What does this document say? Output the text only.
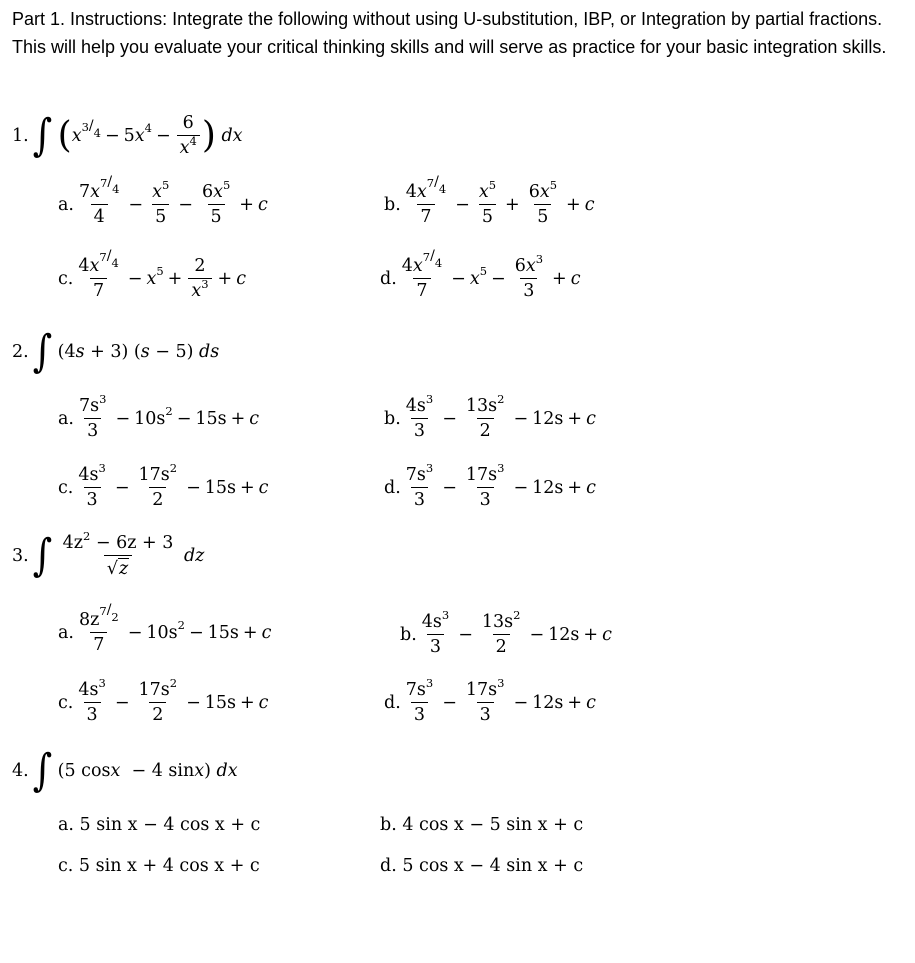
Part 1. Instructions: Integrate the following without using U-substitution, IBP, or Integration by partial fractions. This will help you evaluate your critical thinking skills and will serve as practice for your basic integration skills.
1. ∫ ( x 3 / 4 − 5 $x^4 - \frac{6}{x^4}$ )
dx
a. $\frac{7x 7 / 4}{4} - \frac{x^5}{5} - \frac{6x^5}{5} + c$	b. $\frac{4x 7 / 4}{7} - \frac{x^5}{5} + \frac{6x^5}{5} + c$
c. $\frac{4x 7 / 4}{7} - x^5 + \frac{2}{x^3} + c$	d. $\frac{4x 7 / 4}{7} - x^5 - \frac{6x^3}{3} + c$
2. ∫ (4 s + 3) ( s − 5) ds
a. $\frac{7s^3}{3} - 10s^2 - 15s + c$	b. $\frac{4s^3}{3} - \frac{13s^2}{2} - 12s + c$
c. $\frac{4s^3}{3} - \frac{17s^2}{2} - 15s + c$	d. $\frac{7s^3}{3} - \frac{17s^3}{3} - 12s + c$
3. ∫ $\frac{4z^2 - 6z + 3}{√z}$
dz
a. $\frac{8z 7 / 2}{7} - 10s^2 - 15s + c$	b. $\frac{4s^3}{3} - \frac{13s^2}{2} - 12s + c$
c. $\frac{4s^3}{3} - \frac{17s^2}{2} - 15s + c$	d. $\frac{7s^3}{3} - \frac{17s^3}{3} - 12s + c$
4. ∫ (5 cos x − 4 sin x ) dx
a. 5 sin x − 4 cos x + c	b. 4 cos x − 5 sin x + c
c. 5 sin x + 4 cos x + c	d. 5 cos x − 4 sin x + c
